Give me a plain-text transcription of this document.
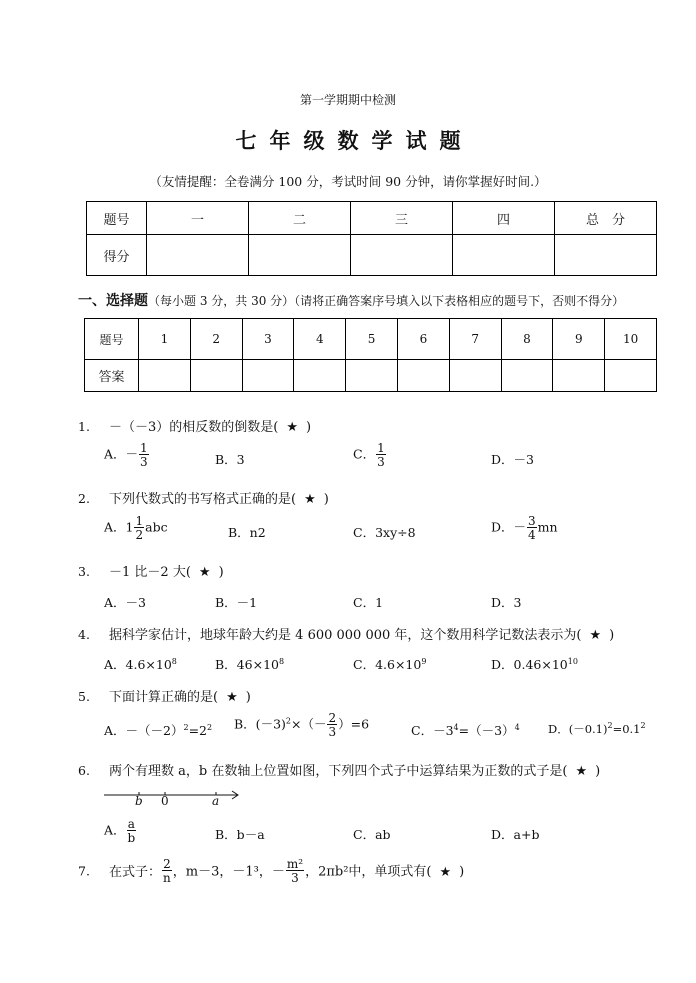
第一学期期中检测
七年级数学试题
（友情提醒：全卷满分 100 分，考试时间 90 分钟，请你掌握好时间.）
题号	一	二	三	四	总　分
得分					
一、选择题（每小题 3 分，共 30 分）（请将正确答案序号填入以下表格相应的题号下，否则不得分）
题号	1	2	3	4	5	6	7	8	9	10
答案										
1. －（－3）的相反数的倒数是( ★ )
A．－ $\frac{1}{3}$	B．3	C． $\frac{1}{3}$	D．－3
2. 下列代数式的书写格式正确的是( ★ )
A．$1 \frac{1}{2}$ abc	B．n2	C．3xy÷8	D．－ $\frac{3}{4}$ mn
3. －1 比－2 大( ★ )
A．－3	B．－1	C．1	D．3
4. 据科学家估计，地球年龄大约是 4 600 000 000 年，这个数用科学记数法表示为( ★ )
A．$4.6\times 10^8$	B．$46\times 10^8$	C．$4.6\times 10^9$	D．$0.46\times 10^{10}$
5. 下面计算正确的是( ★ )
A．$-(-2)^2=2^2$ B．$(-3)^2\times(- \frac{2}{3} )=6$	C．$-3^4=(-3)^4$ D．$(-0.1)^2=0.1^2$
6. 两个有理数 a，b 在数轴上位置如图，下列四个式子中运算结果为正数的式子是( ★ )
b 0	a
A． $\frac{a}{b}$	B．b－a	C．ab	D．a+b
7. 在式子： $\frac{2}{n}$ ，m－3，－1³，－ $\frac{\text{m²}}{3}$ ，2πb²中，单项式有( ★ )
